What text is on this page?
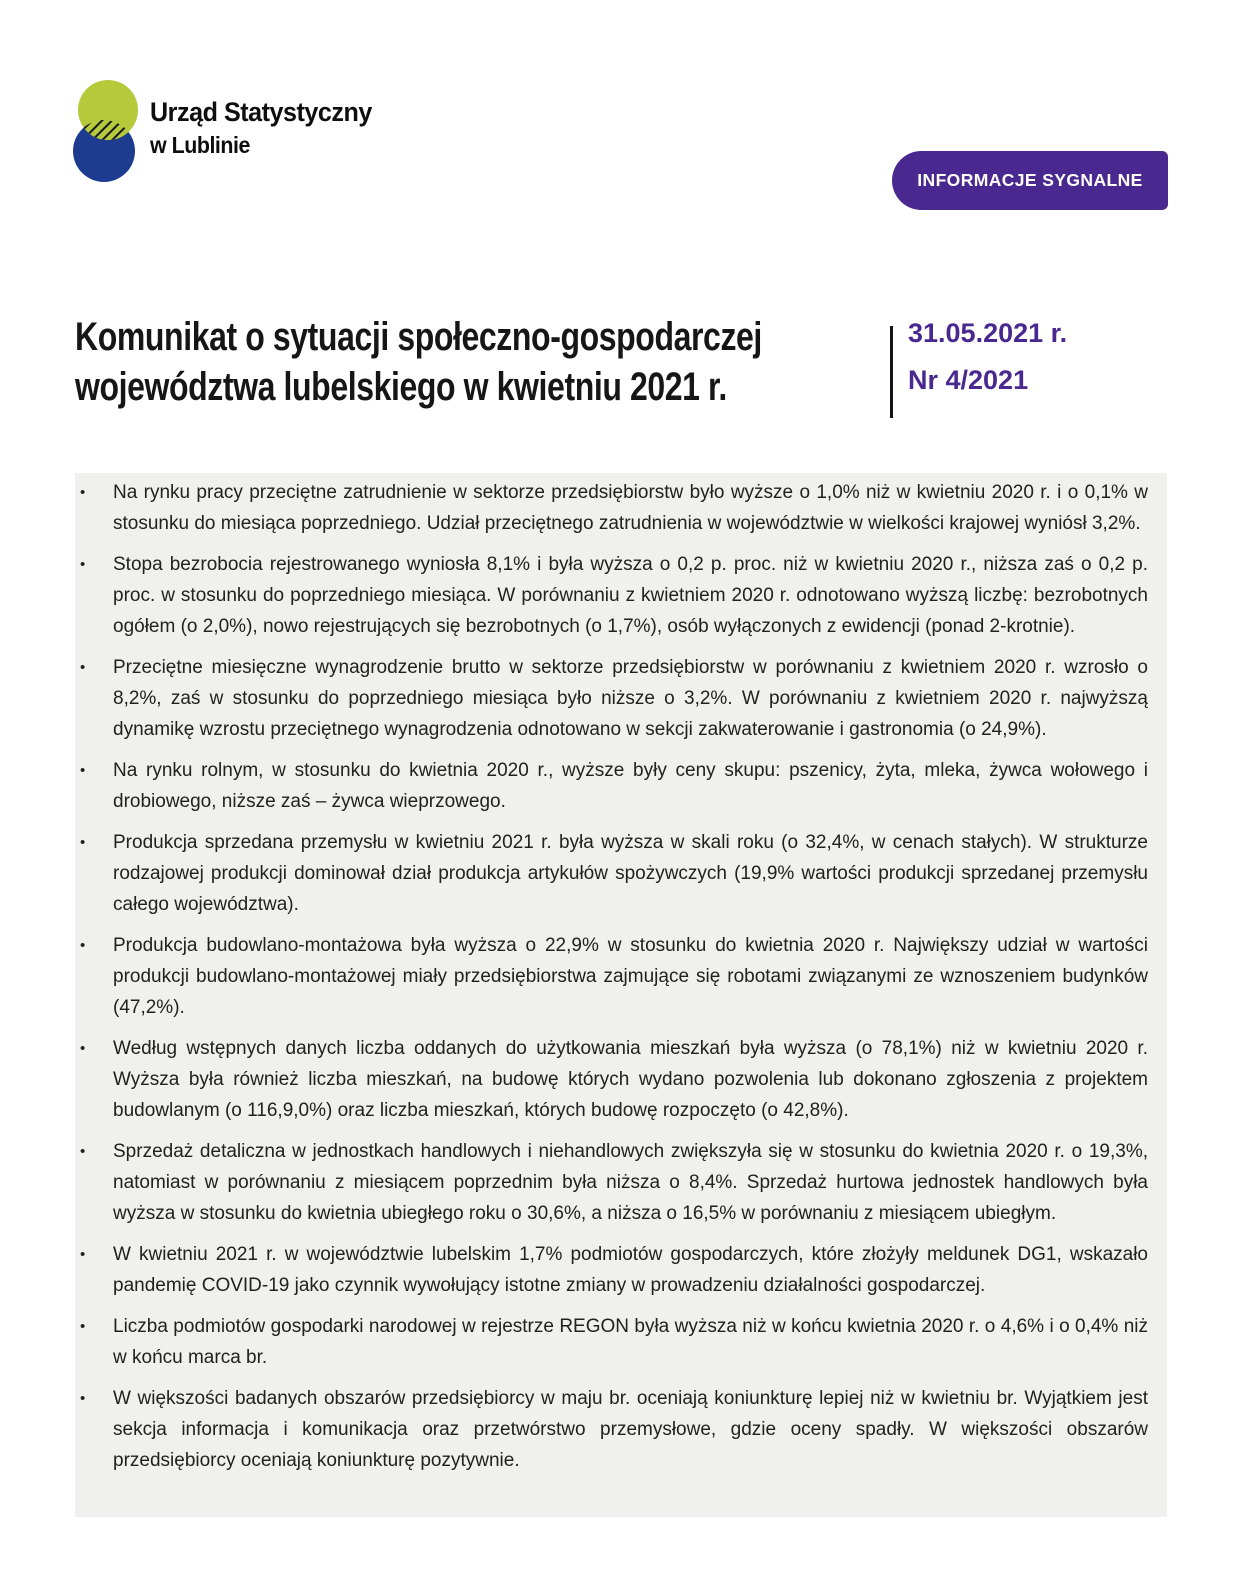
Urząd Statystyczny
w Lublinie
INFORMACJE SYGNALNE
Komunikat o sytuacji społeczno-gospodarczej
województwa lubelskiego w kwietniu 2021 r.
31.05.2021 r.
Nr 4/2021
• Na rynku pracy przeciętne zatrudnienie w sektorze przedsiębiorstw było wyższe o 1,0% niż w kwietniu 2020 r. i o 0,1% w stosunku do miesiąca poprzedniego. Udział przeciętnego zatrudnienia w województwie w wielkości krajowej wyniósł 3,2%.
• Stopa bezrobocia rejestrowanego wyniosła 8,1% i była wyższa o 0,2 p. proc. niż w kwietniu 2020 r., niższa zaś o 0,2 p. proc. w stosunku do poprzedniego miesiąca. W porównaniu z kwietniem 2020 r. odnotowano wyższą liczbę: bezrobotnych ogółem (o 2,0%), nowo rejestrujących się bezrobotnych (o 1,7%), osób wyłączonych z ewidencji (ponad 2-krotnie).
• Przeciętne miesięczne wynagrodzenie brutto w sektorze przedsiębiorstw w porównaniu z kwietniem 2020 r. wzrosło o 8,2%, zaś w stosunku do poprzedniego miesiąca było niższe o 3,2%. W porównaniu z kwietniem 2020 r. najwyższą dynamikę wzrostu przeciętnego wynagrodzenia odnotowano w sekcji zakwaterowanie i gastronomia (o 24,9%).
• Na rynku rolnym, w stosunku do kwietnia 2020 r., wyższe były ceny skupu: pszenicy, żyta, mleka, żywca wołowego i drobiowego, niższe zaś – żywca wieprzowego.
• Produkcja sprzedana przemysłu w kwietniu 2021 r. była wyższa w skali roku (o 32,4%, w cenach stałych). W strukturze rodzajowej produkcji dominował dział produkcja artykułów spożywczych (19,9% wartości produkcji sprzedanej przemysłu całego województwa).
• Produkcja budowlano-montażowa była wyższa o 22,9% w stosunku do kwietnia 2020 r. Największy udział w wartości produkcji budowlano-montażowej miały przedsiębiorstwa zajmujące się robotami związanymi ze wznoszeniem budynków (47,2%).
• Według wstępnych danych liczba oddanych do użytkowania mieszkań była wyższa (o 78,1%) niż w kwietniu 2020 r. Wyższa była również liczba mieszkań, na budowę których wydano pozwolenia lub dokonano zgłoszenia z projektem budowlanym (o 116,9,0%) oraz liczba mieszkań, których budowę rozpoczęto (o 42,8%).
• Sprzedaż detaliczna w jednostkach handlowych i niehandlowych zwiększyła się w stosunku do kwietnia 2020 r. o 19,3%, natomiast w porównaniu z miesiącem poprzednim była niższa o 8,4%. Sprzedaż hurtowa jednostek handlowych była wyższa w stosunku do kwietnia ubiegłego roku o 30,6%, a niższa o 16,5% w porównaniu z miesiącem ubiegłym.
• W kwietniu 2021 r. w województwie lubelskim 1,7% podmiotów gospodarczych, które złożyły meldunek DG1, wskazało pandemię COVID-19 jako czynnik wywołujący istotne zmiany w prowadzeniu działalności gospodarczej.
• Liczba podmiotów gospodarki narodowej w rejestrze REGON była wyższa niż w końcu kwietnia 2020 r. o 4,6% i o 0,4% niż w końcu marca br.
• W większości badanych obszarów przedsiębiorcy w maju br. oceniają koniunkturę lepiej niż w kwietniu br. Wyjątkiem jest sekcja informacja i komunikacja oraz przetwórstwo przemysłowe, gdzie oceny spadły. W większości obszarów przedsiębiorcy oceniają koniunkturę pozytywnie.
